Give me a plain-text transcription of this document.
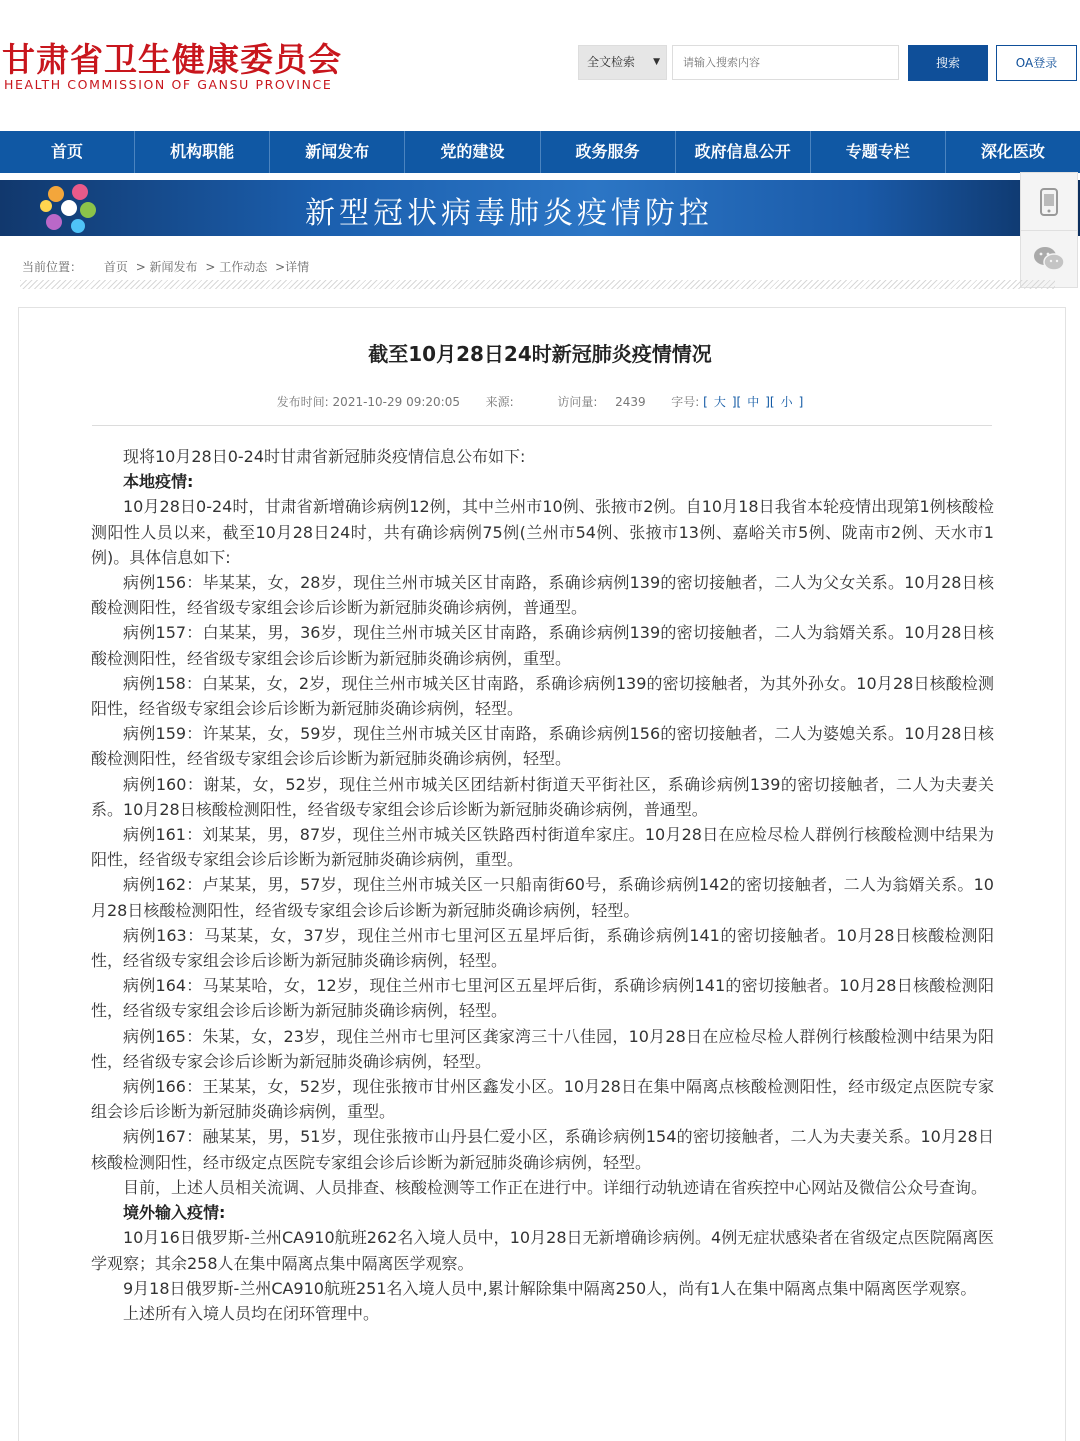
甘肃省卫生健康委员会
HEALTH COMMISSION OF GANSU PROVINCE
全文检索 ▼
请输入搜索内容	搜索	OA登录
首页	机构职能	新闻发布	党的建设	政务服务	政府信息公开	专题专栏	深化医改
新型冠状病毒肺炎疫情防控
当前位置： 首页 > 新闻发布 > 工作动态 >详情
截至10月28日24时新冠肺炎疫情情况
发布时间: 2021-10-29 09:20:05 来源:	访问量: 2439 字号: [ 大 ][ 中 ][ 小 ]

现将10月28日0-24时甘肃省新冠肺炎疫情信息公布如下:

本地疫情:

10月28日0-24时，甘肃省新增确诊病例12例，其中兰州市10例、张掖市2例。自10月18日我省本轮疫情出现第1例核酸检测阳性人员以来，截至10月28日24时，共有确诊病例75例(兰州市54例、张掖市13例、嘉峪关市5例、陇南市2例、天水市1例)。具体信息如下:

病例156：毕某某，女，28岁，现住兰州市城关区甘南路，系确诊病例139的密切接触者，二人为父女关系。10月28日核酸检测阳性，经省级专家组会诊后诊断为新冠肺炎确诊病例，普通型。

病例157：白某某，男，36岁，现住兰州市城关区甘南路，系确诊病例139的密切接触者，二人为翁婿关系。10月28日核酸检测阳性，经省级专家组会诊后诊断为新冠肺炎确诊病例，重型。

病例158：白某某，女，2岁，现住兰州市城关区甘南路，系确诊病例139的密切接触者，为其外孙女。10月28日核酸检测阳性，经省级专家组会诊后诊断为新冠肺炎确诊病例，轻型。

病例159：许某某，女，59岁，现住兰州市城关区甘南路，系确诊病例156的密切接触者，二人为婆媳关系。10月28日核酸检测阳性，经省级专家组会诊后诊断为新冠肺炎确诊病例，轻型。

病例160：谢某，女，52岁，现住兰州市城关区团结新村街道天平街社区，系确诊病例139的密切接触者，二人为夫妻关系。10月28日核酸检测阳性，经省级专家组会诊后诊断为新冠肺炎确诊病例，普通型。

病例161：刘某某，男，87岁，现住兰州市城关区铁路西村街道牟家庄。10月28日在应检尽检人群例行核酸检测中结果为阳性，经省级专家组会诊后诊断为新冠肺炎确诊病例，重型。

病例162：卢某某，男，57岁，现住兰州市城关区一只船南街60号，系确诊病例142的密切接触者，二人为翁婿关系。10月28日核酸检测阳性，经省级专家组会诊后诊断为新冠肺炎确诊病例，轻型。

病例163：马某某，女，37岁，现住兰州市七里河区五星坪后街，系确诊病例141的密切接触者。10月28日核酸检测阳性，经省级专家组会诊后诊断为新冠肺炎确诊病例，轻型。

病例164：马某某哈，女，12岁，现住兰州市七里河区五星坪后街，系确诊病例141的密切接触者。10月28日核酸检测阳性，经省级专家组会诊后诊断为新冠肺炎确诊病例，轻型。

病例165：朱某，女，23岁，现住兰州市七里河区龚家湾三十八佳园，10月28日在应检尽检人群例行核酸检测中结果为阳性，经省级专家会诊后诊断为新冠肺炎确诊病例，轻型。

病例166：王某某，女，52岁，现住张掖市甘州区鑫发小区。10月28日在集中隔离点核酸检测阳性，经市级定点医院专家组会诊后诊断为新冠肺炎确诊病例，重型。

病例167：融某某，男，51岁，现住张掖市山丹县仁爱小区，系确诊病例154的密切接触者，二人为夫妻关系。10月28日核酸检测阳性，经市级定点医院专家组会诊后诊断为新冠肺炎确诊病例，轻型。

目前，上述人员相关流调、人员排查、核酸检测等工作正在进行中。详细行动轨迹请在省疾控中心网站及微信公众号查询。

境外输入疫情:

10月16日俄罗斯-兰州CA910航班262名入境人员中，10月28日无新增确诊病例。4例无症状感染者在省级定点医院隔离医学观察；其余258人在集中隔离点集中隔离医学观察。

9月18日俄罗斯-兰州CA910航班251名入境人员中,累计解除集中隔离250人，尚有1人在集中隔离点集中隔离医学观察。

上述所有入境人员均在闭环管理中。
